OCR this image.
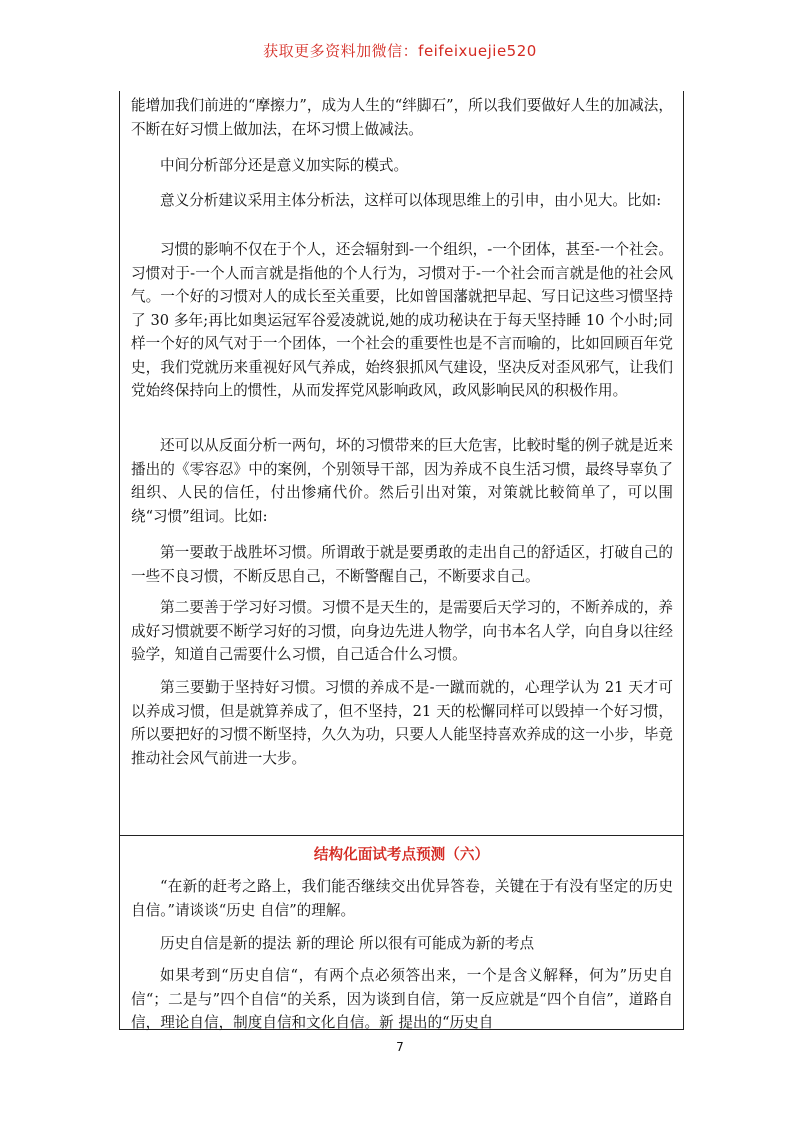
获取更多资料加微信：feifeixuejie520

能增加我们前进的“摩擦力”，成为人生的“绊脚石”，所以我们要做好人生的加减法，不断在好习惯上做加法，在坏习惯上做减法。

中间分析部分还是意义加实际的模式。

意义分析建议采用主体分析法，这样可以体现思维上的引申，由小见大。比如:

习惯的影响不仅在于个人，还会辐射到-一个组织，-一个团体，甚至-一个社会。习惯对于-一个人而言就是指他的个人行为，习惯对于-一个社会而言就是他的社会风气。一个好的习惯对人的成长至关重要，比如曾国藩就把早起、写日记这些习惯坚持了 30 多年;再比如奥运冠军谷爱凌就说,她的成功秘诀在于每天坚持睡 10 个小时;同样一个好的风气对于一个团体，一个社会的重要性也是不言而喻的，比如回顾百年党史，我们党就历来重视好风气养成，始终狠抓风气建设，坚决反对歪风邪气，让我们党始终保持向上的惯性，从而发挥党风影响政风，政风影响民风的积极作用。

还可以从反面分析一两句，坏的习惯带来的巨大危害，比較时髦的例子就是近来播出的《零容忍》中的案例，个别领导干部，因为养成不良生活习惯，最终导辜负了组织、人民的信任，付出惨痛代价。然后引出对策，对策就比較简单了，可以围绕“习惯”组词。比如:

第一要敢于战胜坏习惯。所谓敢于就是要勇敢的走出自己的舒适区，打破自己的一些不良习惯，不断反思自己，不断警醒自己，不断要求自己。

第二要善于学习好习惯。习惯不是天生的，是需要后天学习的，不断养成的，养成好习惯就要不断学习好的习惯，向身边先进人物学，向书本名人学，向自身以往经验学，知道自己需要什么习惯，自己适合什么习惯。

第三要勤于坚持好习惯。习惯的养成不是-一蹴而就的，心理学认为 21 天才可以养成习惯，但是就算养成了，但不坚持，21 天的松懈同样可以毁掉一个好习惯，所以要把好的习惯不断坚持，久久为功，只要人人能坚持喜欢养成的这一小步，毕竟推动社会风气前进一大步。

结构化面试考点预测（六）

“在新的赶考之路上，我们能否继续交出优异答卷，关键在于有没有坚定的历史自信。”请谈谈“历史 自信”的理解。

历史自信是新的提法 新的理论 所以很有可能成为新的考点

如果考到“历史自信“，有两个点必须答出来，一个是含义解释，何为”历史自信“；二是与”四个自信“的关系，因为谈到自信，第一反应就是“四个自信”，道路自信，理论自信，制度自信和文化自信。新 提出的“历史自

7
